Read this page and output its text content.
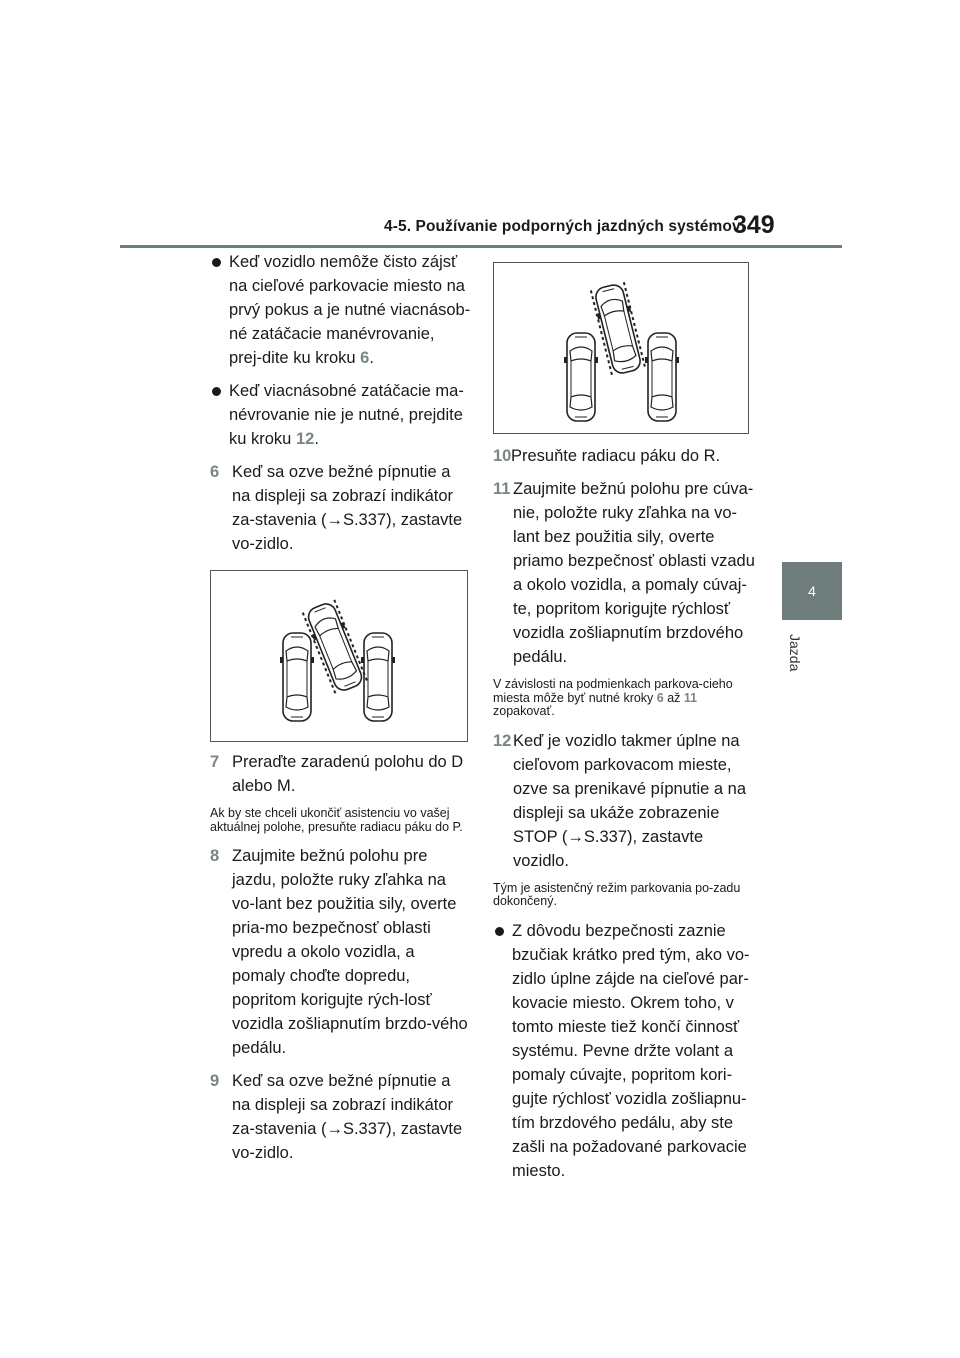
4-5. Používanie podporných jazdných systémov
349
4
Jazda
Keď vozidlo nemôže čisto zájsť na cieľové parkovacie miesto na prvý pokus a je nutné viacnásob-né zatáčacie manévrovanie, prej-dite ku kroku 6.
Keď viacnásobné zatáčacie ma-névrovanie nie je nutné, prejdite ku kroku 12.
6 Keď sa ozve bežné pípnutie a na displeji sa zobrazí indikátor za-stavenia (→S.337), zastavte vo-zidlo.
7 Preraďte zaradenú polohu do D alebo M.
Ak by ste chceli ukončiť asistenciu vo vašej aktuálnej polohe, presuňte radiacu páku do P.
8 Zaujmite bežnú polohu pre jazdu, položte ruky zľahka na vo-lant bez použitia sily, overte pria-mo bezpečnosť oblasti vpredu a okolo vozidla, a pomaly choďte dopredu, popritom korigujte rých-losť vozidla zošliapnutím brzdo-vého pedálu.
9 Keď sa ozve bežné pípnutie a na displeji sa zobrazí indikátor za-stavenia (→S.337), zastavte vo-zidlo.
10 Presuňte radiacu páku do R.
11 Zaujmite bežnú polohu pre cúva-nie, položte ruky zľahka na vo-lant bez použitia sily, overte priamo bezpečnosť oblasti vzadu a okolo vozidla, a pomaly cúvaj-te, popritom korigujte rýchlosť vozidla zošliapnutím brzdového pedálu.
V závislosti na podmienkach parkova-cieho miesta môže byť nutné kroky 6 až 11 zopakovať.
12 Keď je vozidlo takmer úplne na cieľovom parkovacom mieste, ozve sa prenikavé pípnutie a na displeji sa ukáže zobrazenie STOP (→S.337), zastavte vozidlo.
Tým je asistenčný režim parkovania po-zadu dokončený.
Z dôvodu bezpečnosti zaznie bzučiak krátko pred tým, ako vo-zidlo úplne zájde na cieľové par-kovacie miesto. Okrem toho, v tomto mieste tiež končí činnosť systému. Pevne držte volant a pomaly cúvajte, popritom kori-gujte rýchlosť vozidla zošliapnu-tím brzdového pedálu, aby ste zašli na požadované parkovacie miesto.
